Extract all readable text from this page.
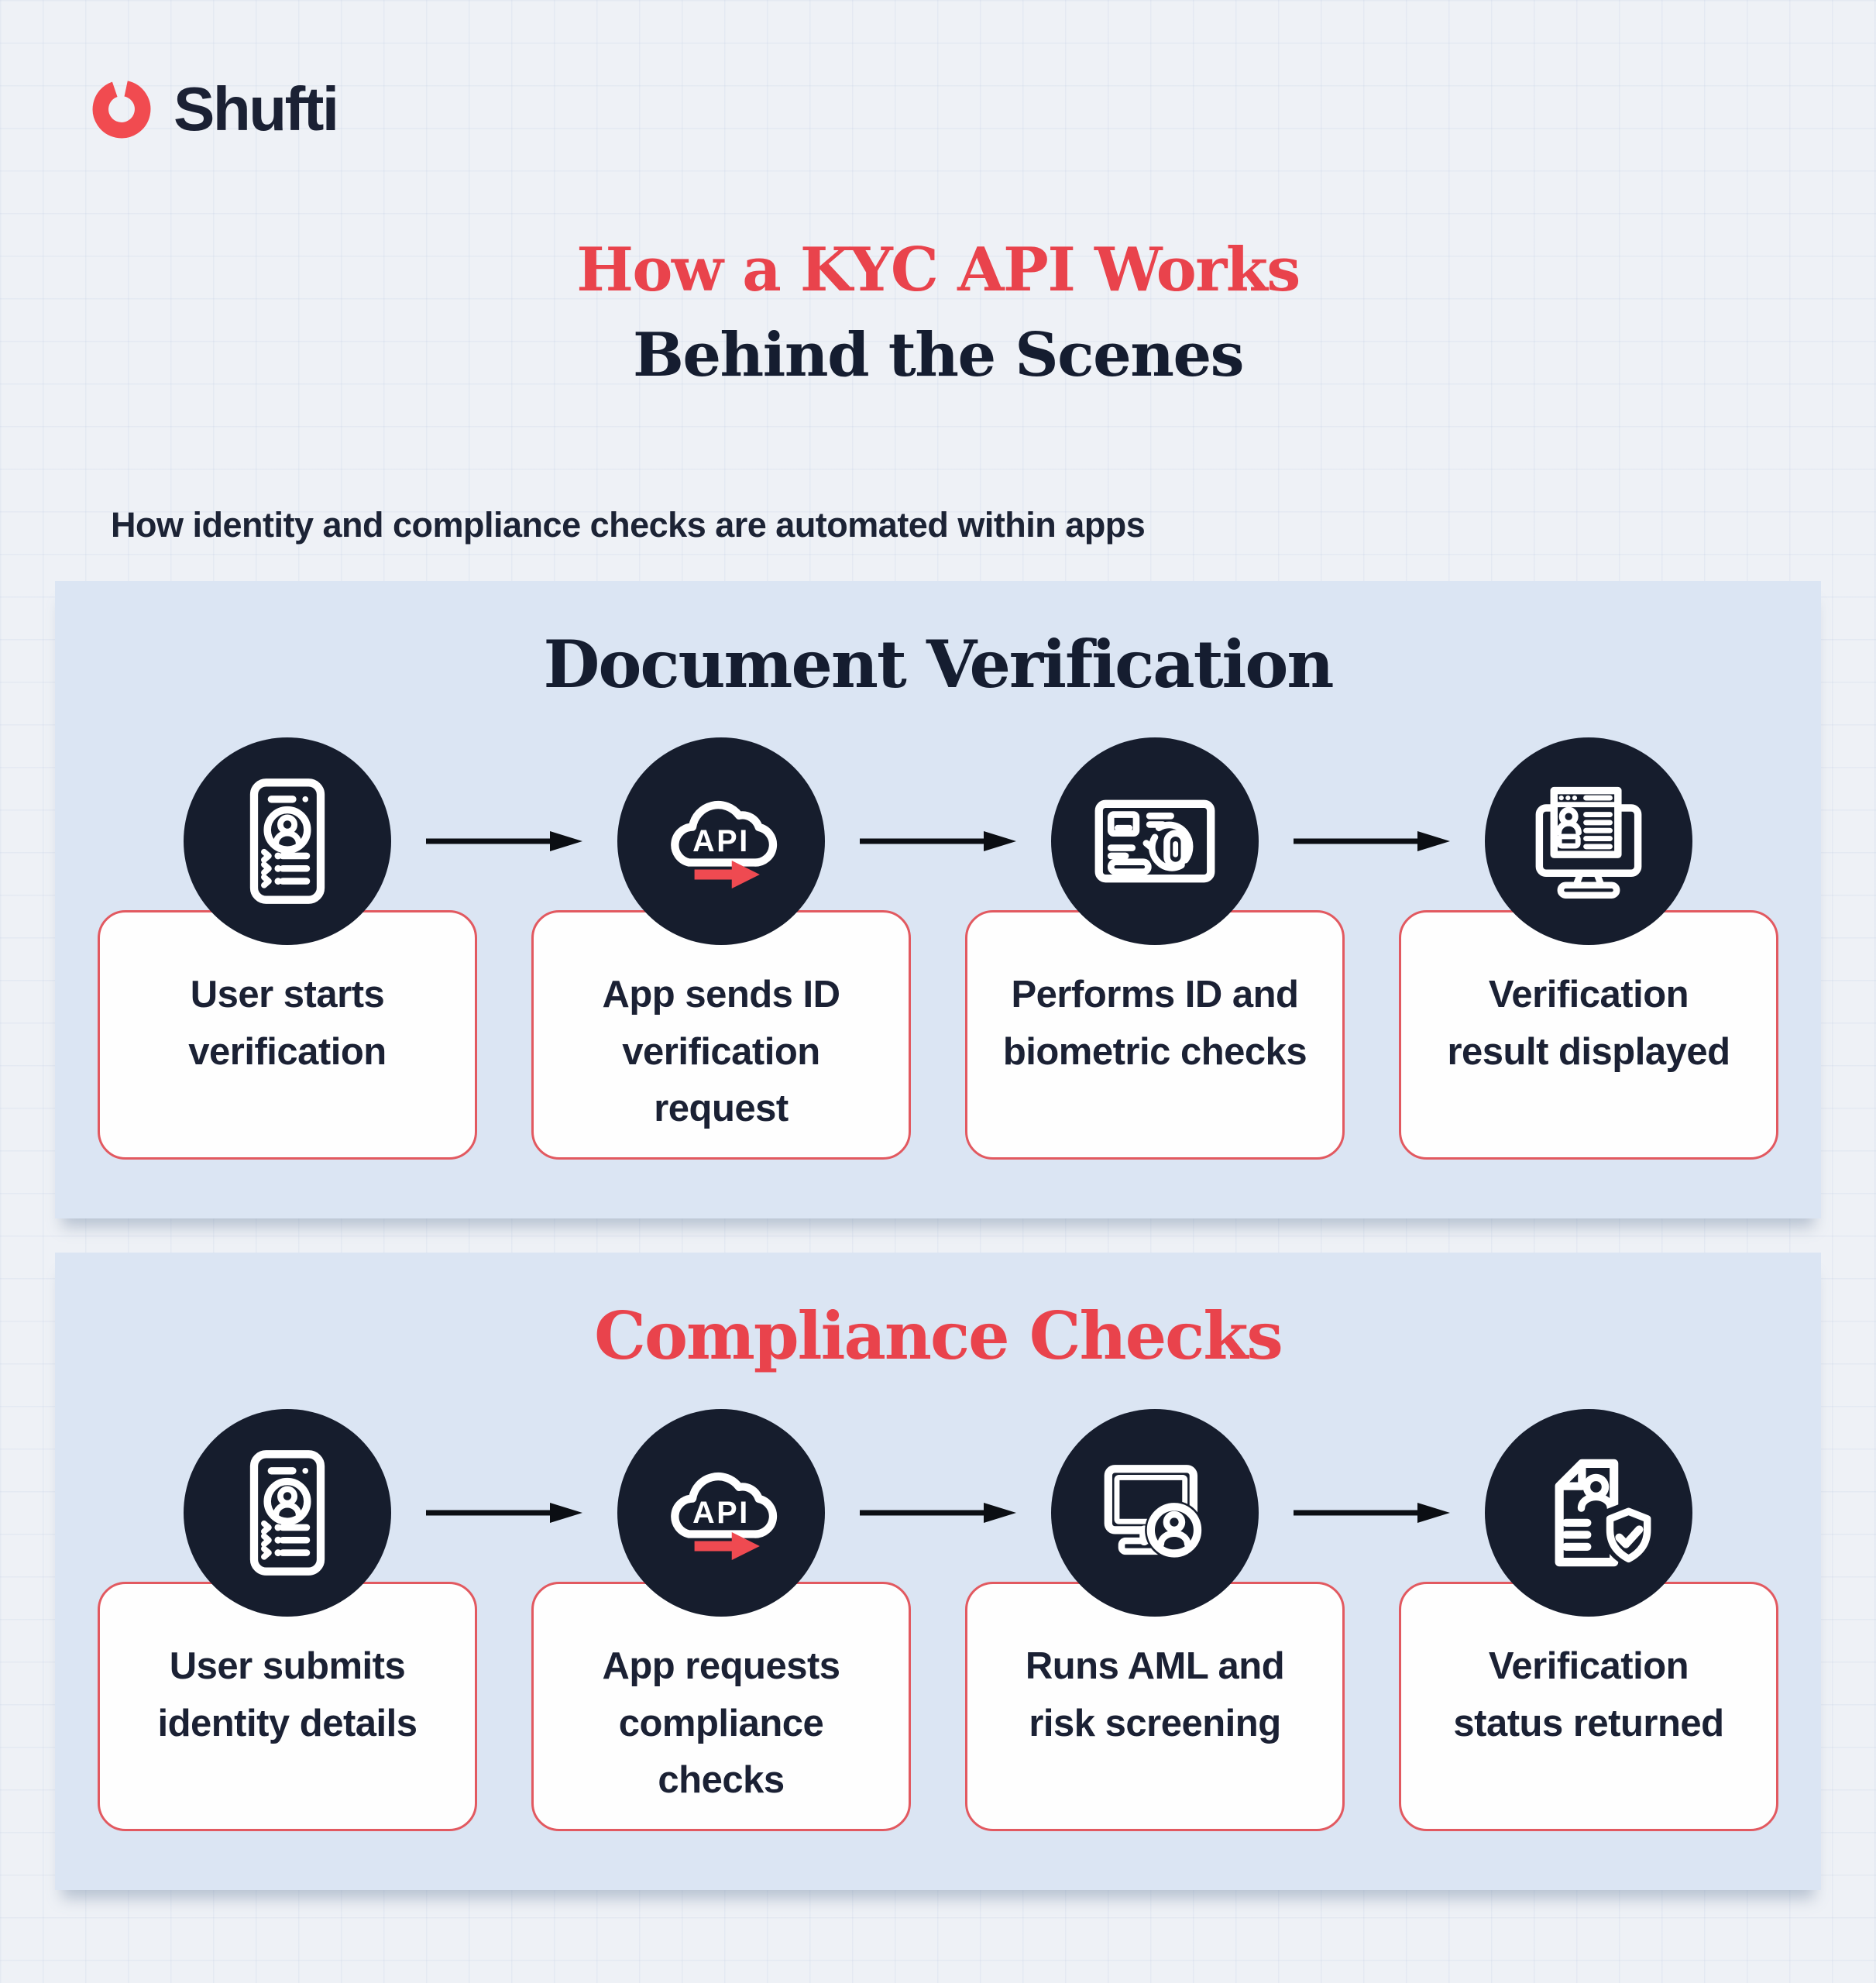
Shufti
How a KYC API Works
Behind the Scenes

How identity and compliance checks are automated within apps

Document Verification

User starts verification

App sends ID verification request

Performs ID and biometric checks

Verification result displayed

Compliance Checks

User submits identity details

App requests compliance checks

Runs AML and risk screening

Verification status returned
